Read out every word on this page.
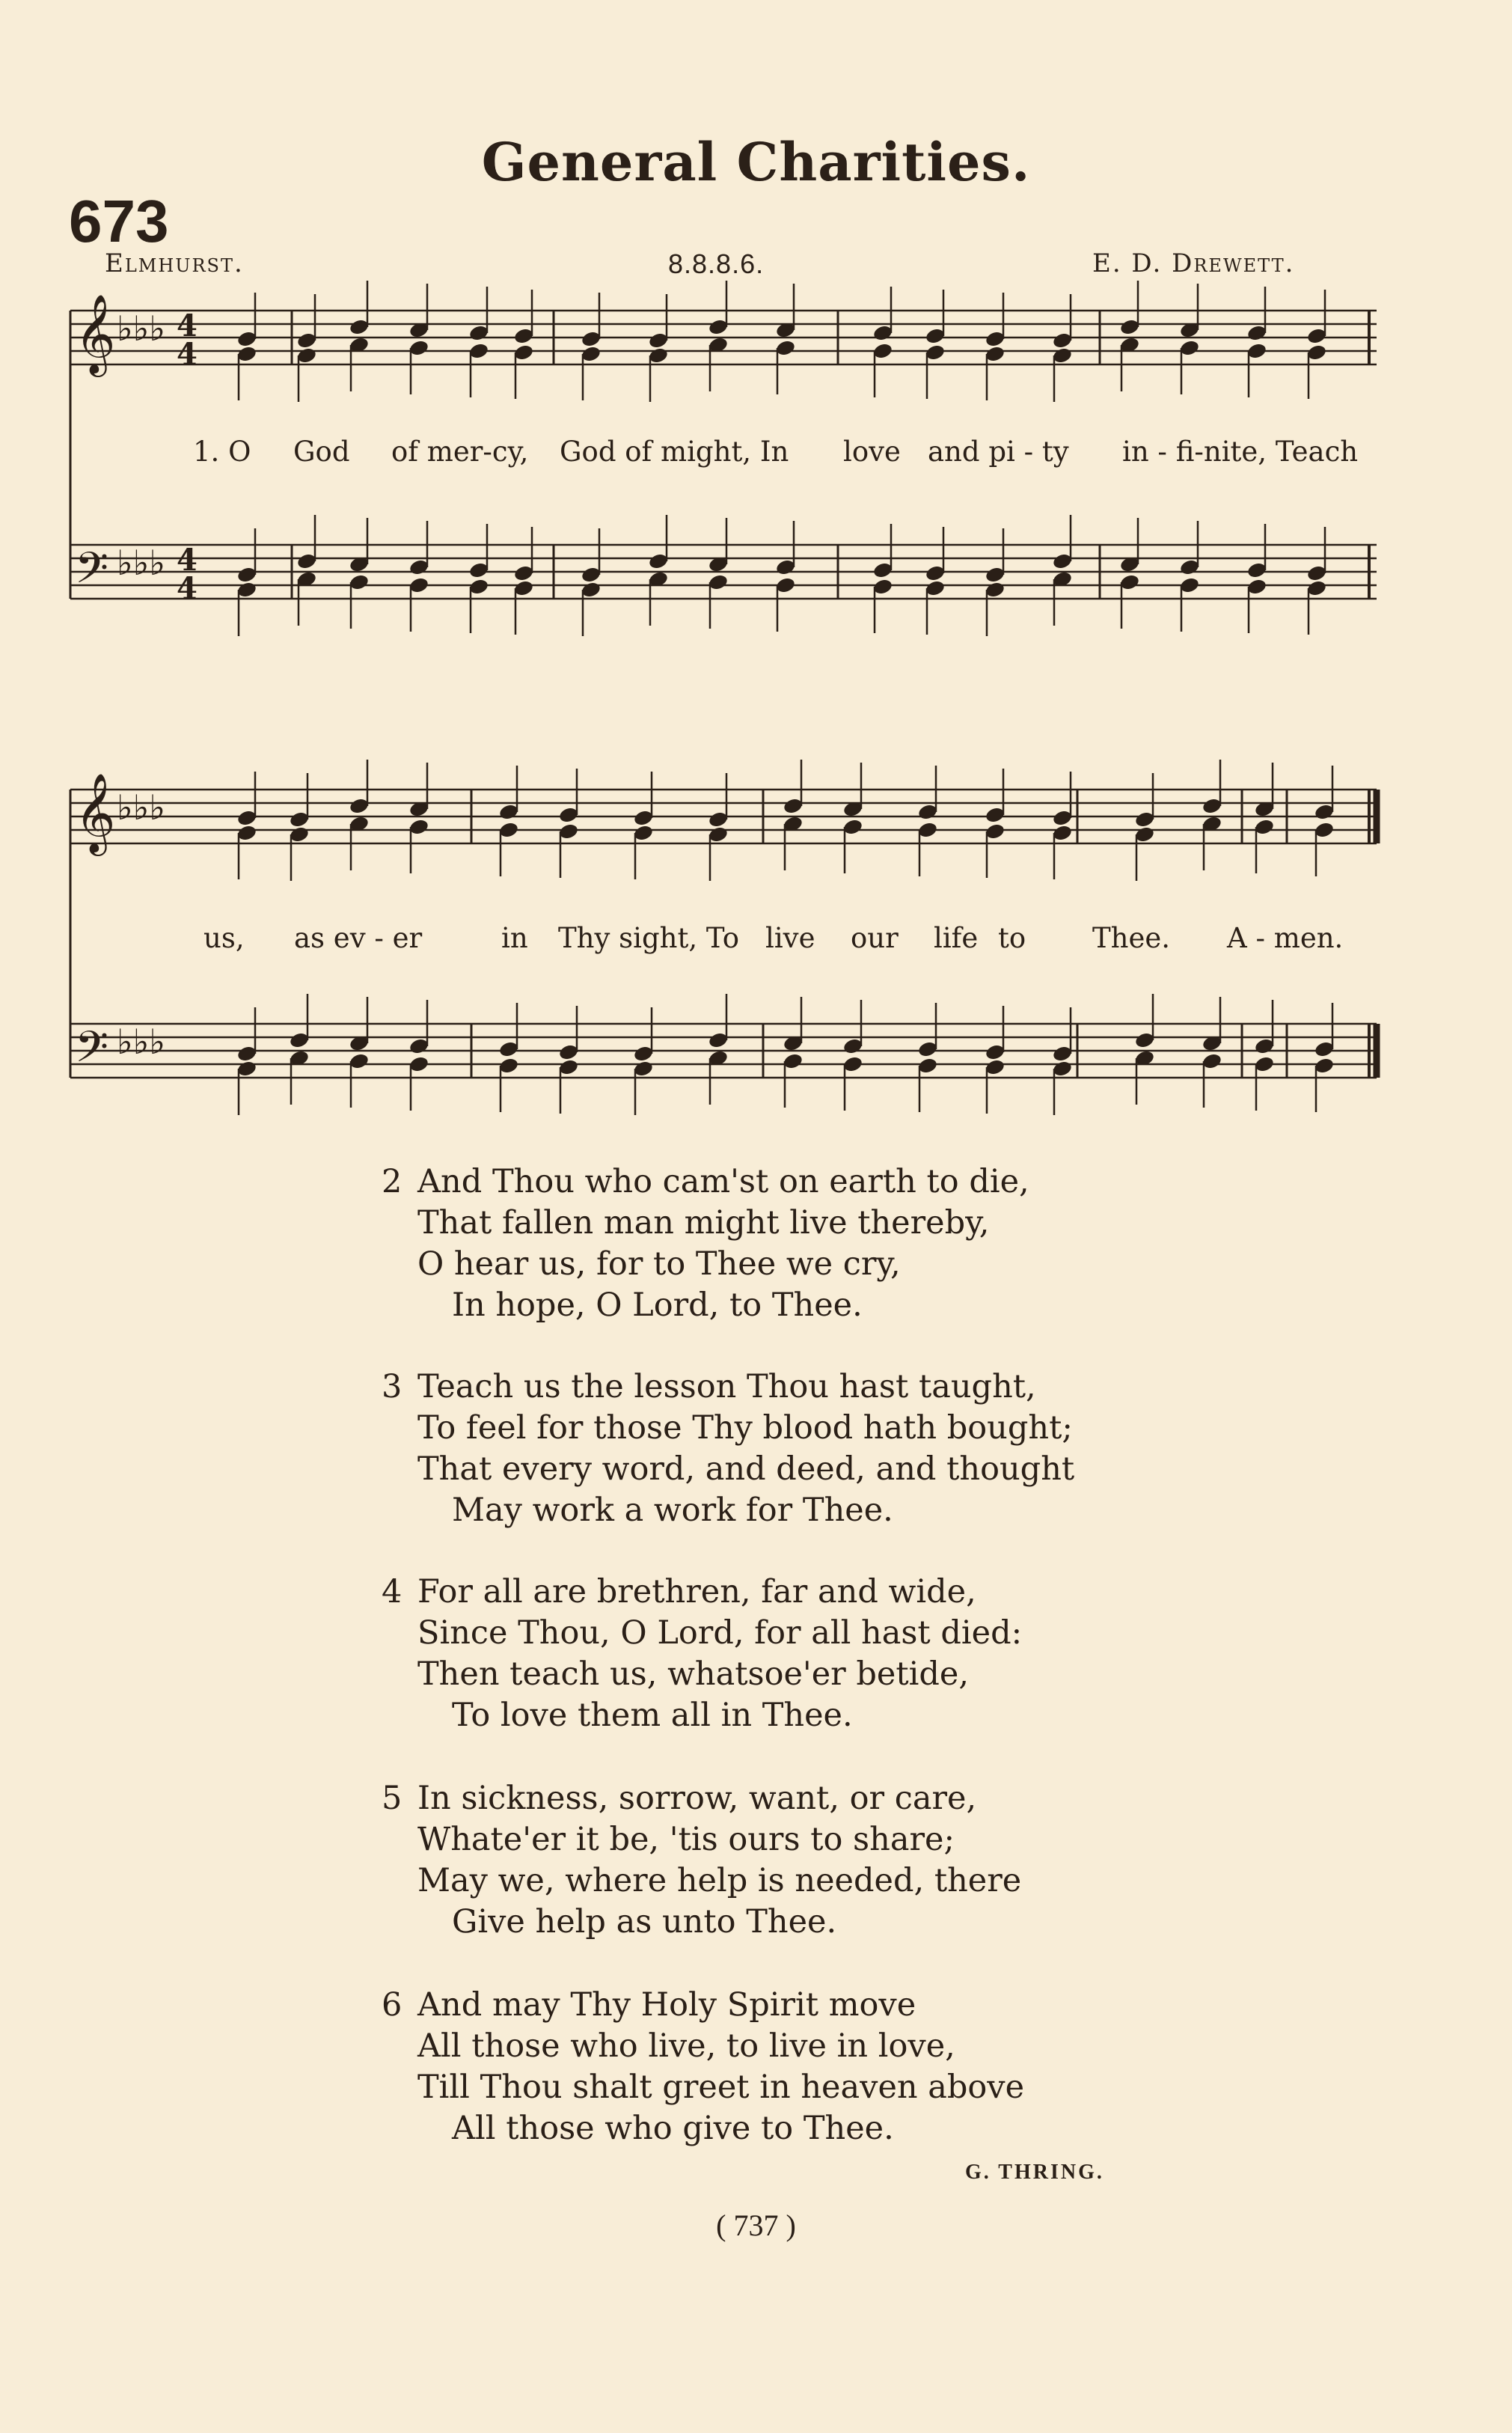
General Charities.
673
Elmhurst.	8.8.8.6.	E. D. Drewett.
𝄞 ♭♭♭ 4
4
𝄢 ♭♭♭ 4
4
𝄞 ♭♭♭
𝄢 ♭♭♭
1. O God of mer-cy, God of might, In love and pi - ty in - fi-nite, Teach
us, as ev - er	in Thy sight, To live our life to Thee. A - men.
2 And Thou who cam'st on earth to die,
That fallen man might live thereby,
O hear us, for to Thee we cry,
In hope, O Lord, to Thee.
3 Teach us the lesson Thou hast taught,
To feel for those Thy blood hath bought;
That every word, and deed, and thought
May work a work for Thee.
4 For all are brethren, far and wide,
Since Thou, O Lord, for all hast died:
Then teach us, whatsoe'er betide,
To love them all in Thee.
5 In sickness, sorrow, want, or care,
Whate'er it be, 'tis ours to share;
May we, where help is needed, there
Give help as unto Thee.
6 And may Thy Holy Spirit move
All those who live, to live in love,
Till Thou shalt greet in heaven above
All those who give to Thee.
G. THRING.
( 737 )
